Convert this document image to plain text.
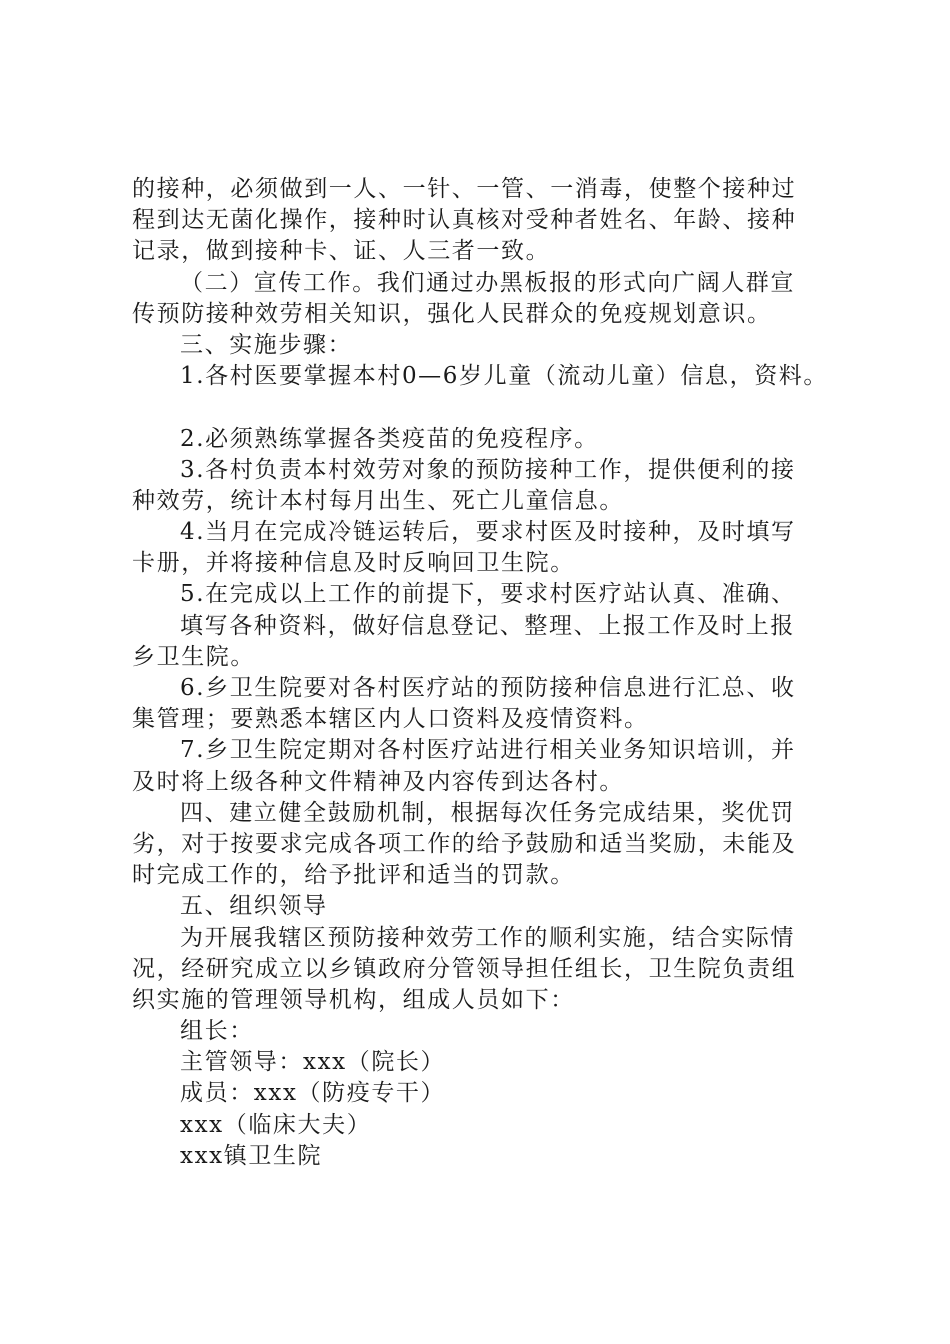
的接种，必须做到一人、一针、一管、一消毒，使整个接种过
程到达无菌化操作，接种时认真核对受种者姓名、年龄、接种
记录，做到接种卡、证、人三者一致。
（二）宣传工作。我们通过办黑板报的形式向广阔人群宣
传预防接种效劳相关知识，强化人民群众的免疫规划意识。
三、实施步骤：
1.各村医要掌握本村0—6岁儿童（流动儿童）信息，资料。
2.必须熟练掌握各类疫苗的免疫程序。
3.各村负责本村效劳对象的预防接种工作，提供便利的接
种效劳，统计本村每月出生、死亡儿童信息。
4.当月在完成冷链运转后，要求村医及时接种，及时填写
卡册，并将接种信息及时反响回卫生院。
5.在完成以上工作的前提下，要求村医疗站认真、准确、
填写各种资料，做好信息登记、整理、上报工作及时上报
乡卫生院。
6.乡卫生院要对各村医疗站的预防接种信息进行汇总、收
集管理；要熟悉本辖区内人口资料及疫情资料。
7.乡卫生院定期对各村医疗站进行相关业务知识培训，并
及时将上级各种文件精神及内容传到达各村。
四、建立健全鼓励机制，根据每次任务完成结果，奖优罚
劣，对于按要求完成各项工作的给予鼓励和适当奖励，未能及
时完成工作的，给予批评和适当的罚款。
五、组织领导
为开展我辖区预防接种效劳工作的顺利实施，结合实际情
况，经研究成立以乡镇政府分管领导担任组长，卫生院负责组
织实施的管理领导机构，组成人员如下：
组长：
主管领导：xxx（院长）
成员：xxx（防疫专干）
xxx（临床大夫）
xxx镇卫生院
